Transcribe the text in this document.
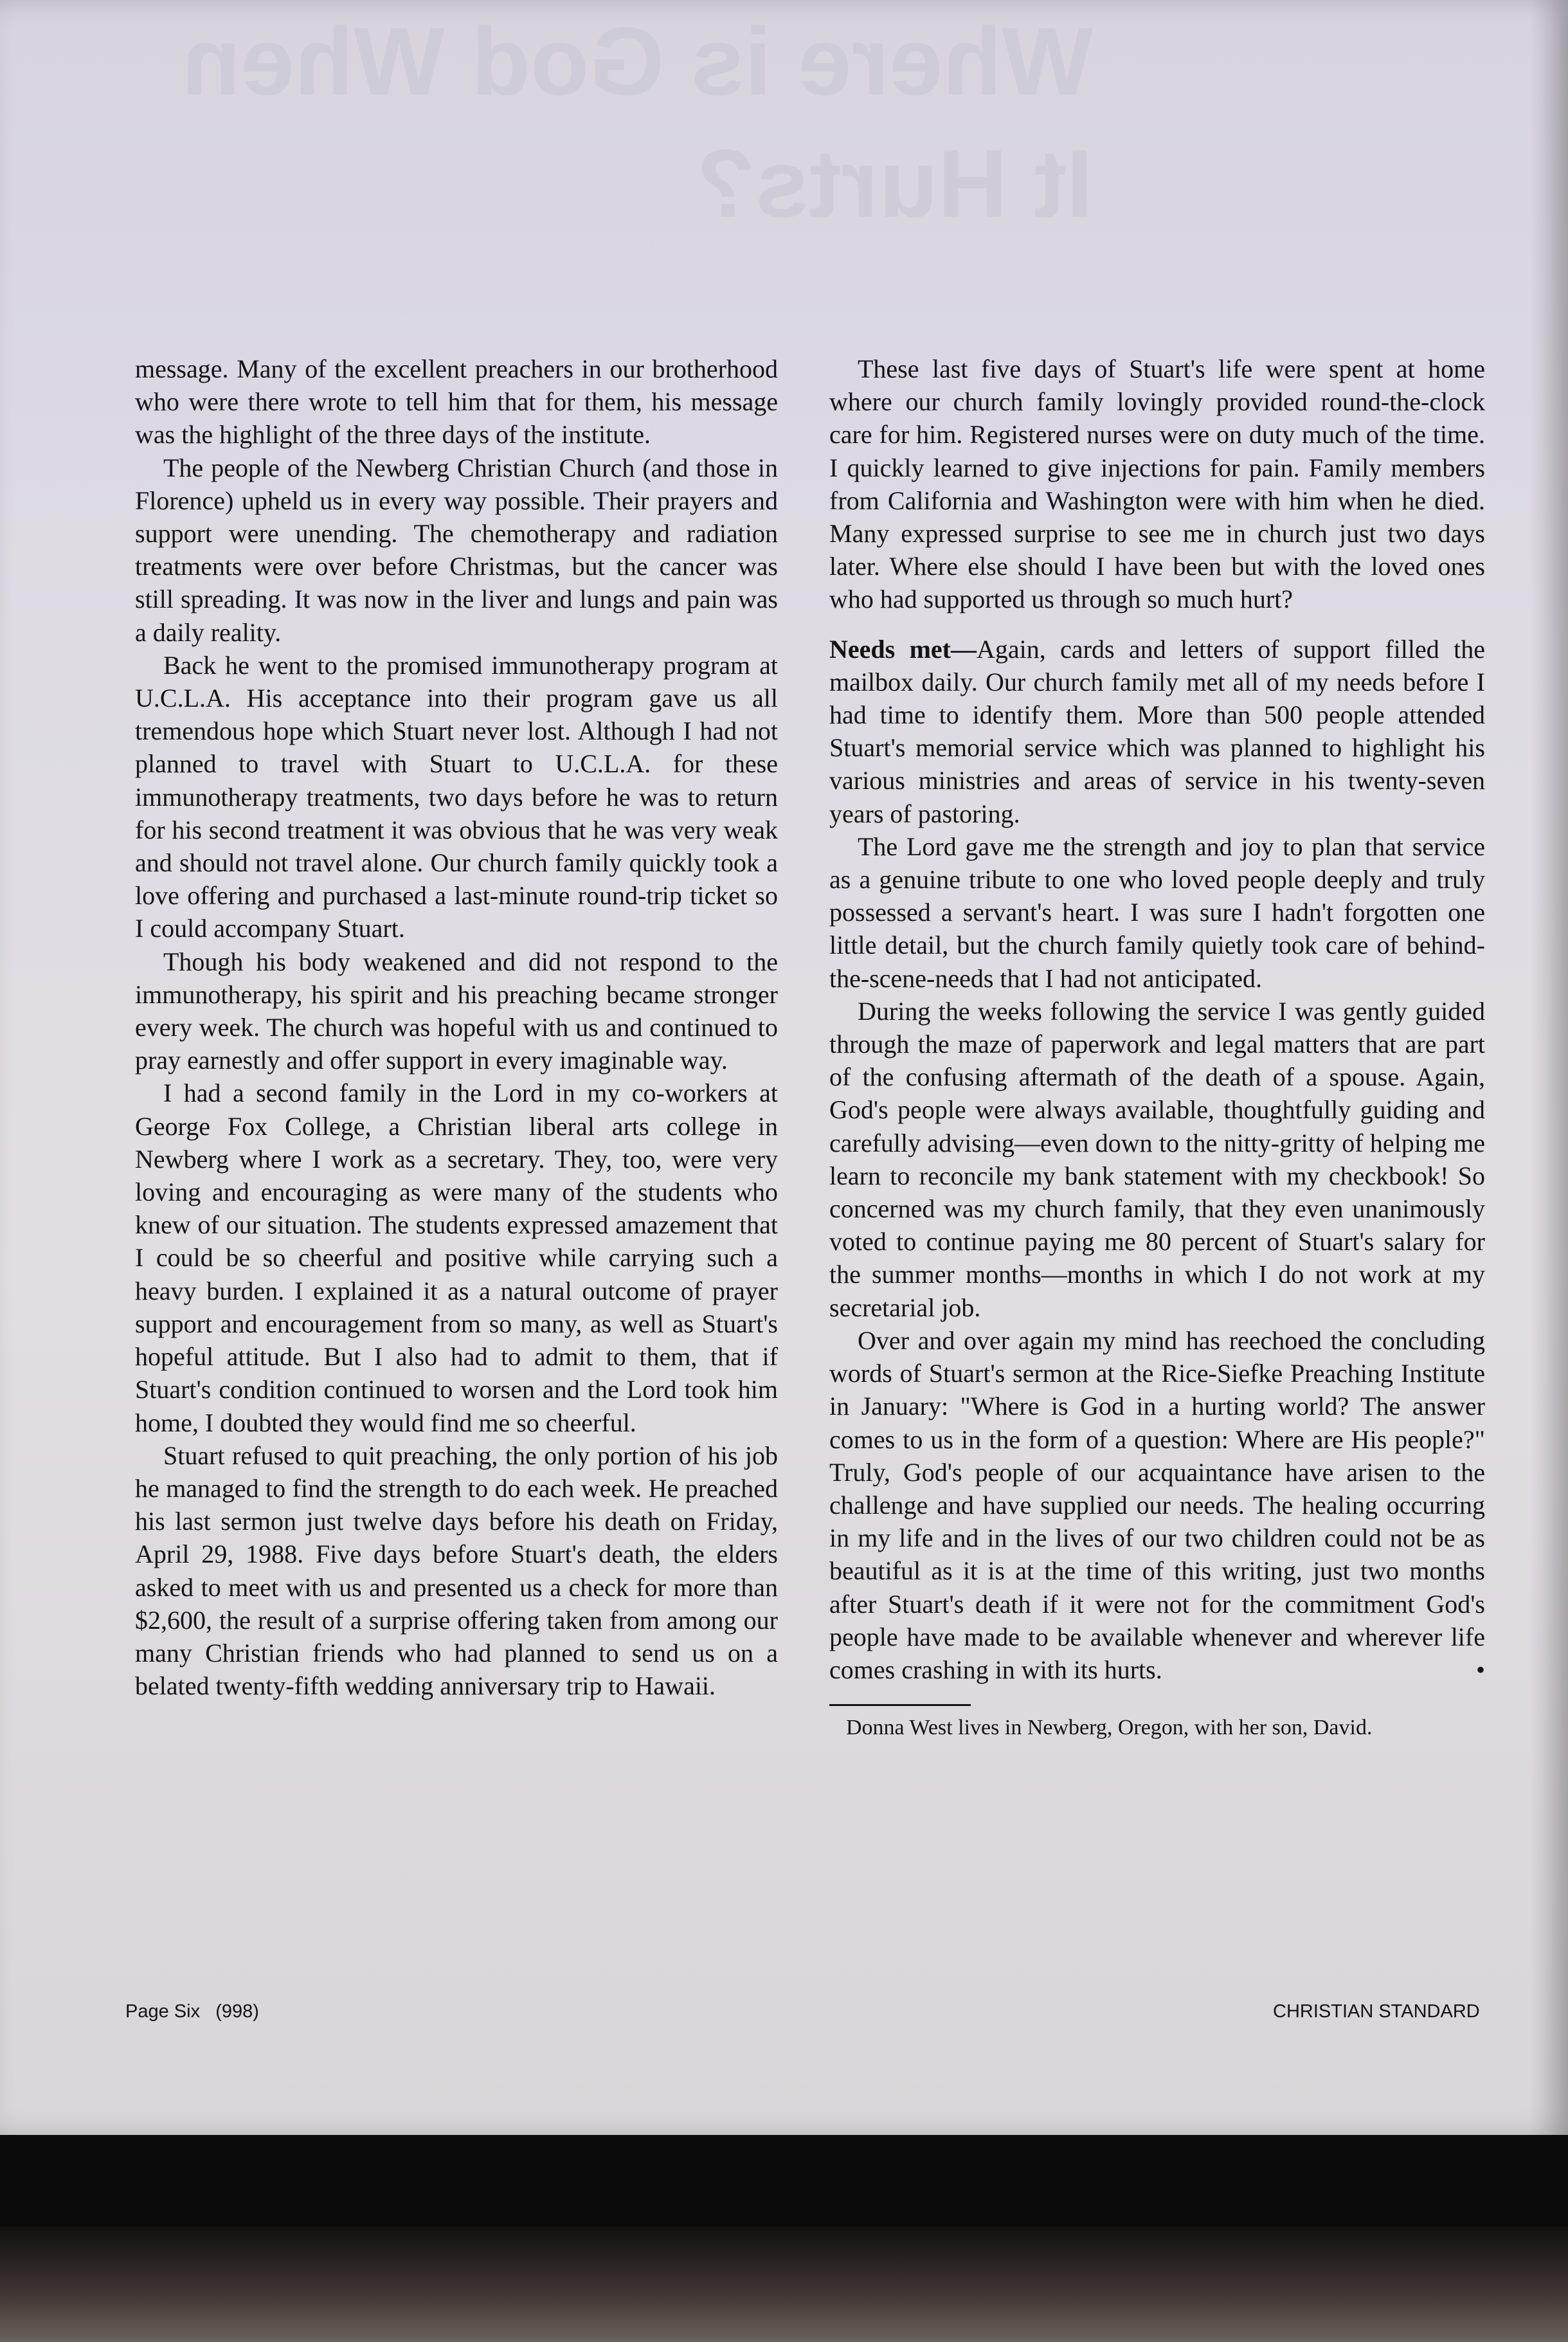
Where is God When It Hurts?

message. Many of the excellent preachers in our brotherhood who were there wrote to tell him that for them, his message was the highlight of the three days of the institute.

The people of the Newberg Christian Church (and those in Florence) upheld us in every way possible. Their prayers and support were unending. The chemotherapy and radiation treatments were over before Christmas, but the cancer was still spreading. It was now in the liver and lungs and pain was a daily reality.

Back he went to the promised immunotherapy program at U.C.L.A. His acceptance into their program gave us all tremendous hope which Stuart never lost. Although I had not planned to travel with Stuart to U.C.L.A. for these immunotherapy treatments, two days before he was to return for his second treatment it was obvious that he was very weak and should not travel alone. Our church family quickly took a love offering and purchased a last-minute round-trip ticket so I could accompany Stuart.

Though his body weakened and did not respond to the immunotherapy, his spirit and his preaching became stronger every week. The church was hopeful with us and continued to pray earnestly and offer support in every imaginable way.

I had a second family in the Lord in my co-workers at George Fox College, a Christian liberal arts college in Newberg where I work as a secretary. They, too, were very loving and encouraging as were many of the students who knew of our situation. The students expressed amazement that I could be so cheerful and positive while carrying such a heavy burden. I explained it as a natural outcome of prayer support and encouragement from so many, as well as Stuart's hopeful attitude. But I also had to admit to them, that if Stuart's condition continued to worsen and the Lord took him home, I doubted they would find me so cheerful.

Stuart refused to quit preaching, the only portion of his job he managed to find the strength to do each week. He preached his last sermon just twelve days before his death on Friday, April 29, 1988. Five days before Stuart's death, the elders asked to meet with us and presented us a check for more than $2,600, the result of a surprise offering taken from among our many Christian friends who had planned to send us on a belated twenty-fifth wedding anniversary trip to Hawaii.

These last five days of Stuart's life were spent at home where our church family lovingly provided round-the-clock care for him. Registered nurses were on duty much of the time. I quickly learned to give injections for pain. Family members from California and Washington were with him when he died. Many expressed surprise to see me in church just two days later. Where else should I have been but with the loved ones who had supported us through so much hurt?

Needs met—Again, cards and letters of support filled the mailbox daily. Our church family met all of my needs before I had time to identify them. More than 500 people attended Stuart's memorial service which was planned to highlight his various ministries and areas of service in his twenty-seven years of pastoring.

The Lord gave me the strength and joy to plan that service as a genuine tribute to one who loved people deeply and truly possessed a servant's heart. I was sure I hadn't forgotten one little detail, but the church family quietly took care of behind-the-scene-needs that I had not anticipated.

During the weeks following the service I was gently guided through the maze of paperwork and legal matters that are part of the confusing aftermath of the death of a spouse. Again, God's people were always available, thoughtfully guiding and carefully advising—even down to the nitty-gritty of helping me learn to reconcile my bank statement with my checkbook! So concerned was my church family, that they even unanimously voted to continue paying me 80 percent of Stuart's salary for the summer months—months in which I do not work at my secretarial job.

Over and over again my mind has reechoed the concluding words of Stuart's sermon at the Rice-Siefke Preaching Institute in January: "Where is God in a hurting world? The answer comes to us in the form of a question: Where are His people?" Truly, God's people of our acquaintance have arisen to the challenge and have supplied our needs. The healing occurring in my life and in the lives of our two children could not be as beautiful as it is at the time of this writing, just two months after Stuart's death if it were not for the commitment God's people have made to be available whenever and wherever life comes crashing in with its hurts.	•

Donna West lives in Newberg, Oregon, with her son, David.
Page Six   (998)	CHRISTIAN STANDARD
